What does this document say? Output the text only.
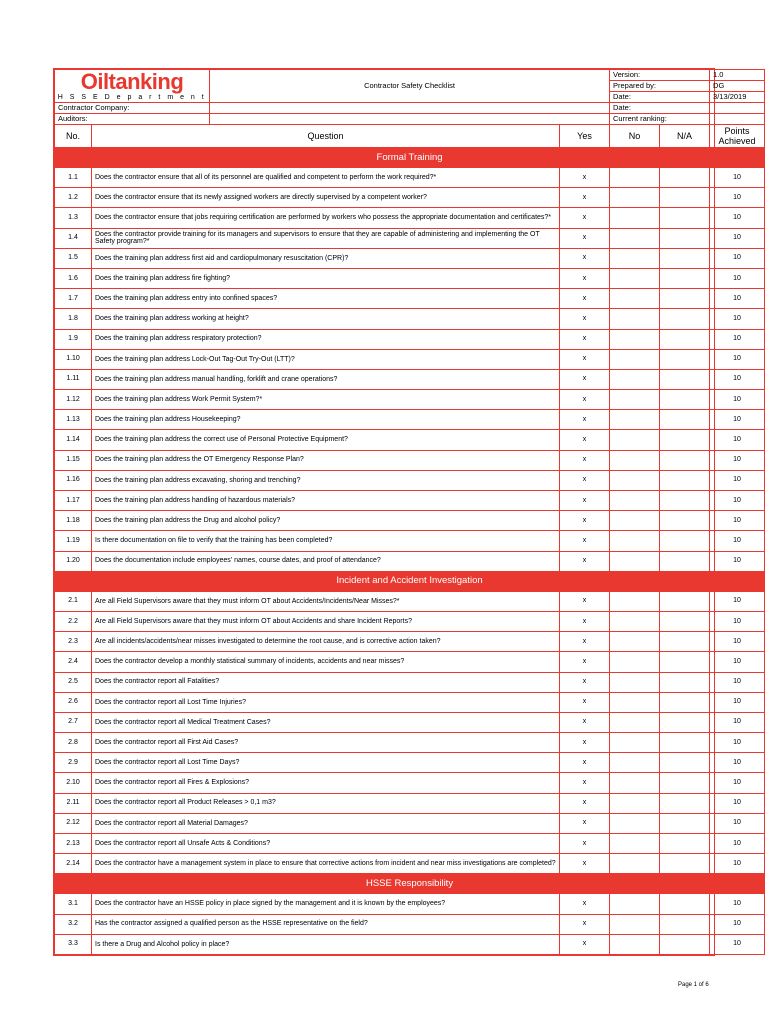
Oiltanking
H S S E D e p a r t m e n t		Contractor Safety Checklist		Version:		1.0
				Prepared by:		DG
				Date:		3/13/2019
Contractor Company:				Date:		
Auditors:				Current ranking:		
No.	Question		Yes	No	N/A	Points Achieved
Formal Training						
1.1	Does the contractor ensure that all of its personnel are qualified and competent to perform the work required?*		x			10
1.2	Does the contractor ensure that its newly assigned workers are directly supervised by a competent worker?		x			10
1.3	Does the contractor ensure that jobs requiring certification are performed by workers who possess the appropriate documentation and certificates?*		x			10
1.4	Does the contractor provide training for its managers and supervisors to ensure that they are capable of administering and implementing the OT Safety program?*		x			10
1.5	Does the training plan address first aid and cardiopulmonary resuscitation (CPR)?		x			10
1.6	Does the training plan address fire fighting?		x			10
1.7	Does the training plan address entry into confined spaces?		x			10
1.8	Does the training plan address working at height?		x			10
1.9	Does the training plan address respiratory protection?		x			10
1.10	Does the training plan address Lock-Out Tag-Out Try-Out (LTT)?		x			10
1.11	Does the training plan address manual handling, forklift and crane operations?		x			10
1.12	Does the training plan address Work Permit System?*		x			10
1.13	Does the training plan address Housekeeping?		x			10
1.14	Does the training plan address the correct use of Personal Protective Equipment?		x			10
1.15	Does the training plan address the OT Emergency Response Plan?		x			10
1.16	Does the training plan address excavating, shoring and trenching?		x			10
1.17	Does the training plan address handling of hazardous materials?		x			10
1.18	Does the training plan address the Drug and alcohol policy?		x			10
1.19	Is there documentation on file to verify that the training has been completed?		x			10
1.20	Does the documentation include employees' names, course dates, and proof of attendance?		x			10
Incident and Accident Investigation						
2.1	Are all Field Supervisors aware that they must inform OT about Accidents/Incidents/Near Misses?*		x			10
2.2	Are all Field Supervisors aware that they must inform OT about Accidents and share Incident Reports?		x			10
2.3	Are all incidents/accidents/near misses investigated to determine the root cause, and is corrective action taken?		x			10
2.4	Does the contractor develop a monthly statistical summary of incidents, accidents and near misses?		x			10
2.5	Does the contractor report all Fatalities?		x			10
2.6	Does the contractor report all Lost Time Injuries?		x			10
2.7	Does the contractor report all Medical Treatment Cases?		x			10
2.8	Does the contractor report all First Aid Cases?		x			10
2.9	Does the contractor report all Lost Time Days?		x			10
2.10	Does the contractor report all Fires & Explosions?		x			10
2.11	Does the contractor report all Product Releases > 0,1 m3?		x			10
2.12	Does the contractor report all Material Damages?		x			10
2.13	Does the contractor report all Unsafe Acts & Conditions?		x			10
2.14	Does the contractor have a management system in place to ensure that corrective actions from incident and near miss investigations are completed?		x			10
HSSE Responsibility						
3.1	Does the contractor have an HSSE policy in place signed by the management and it is known by the employees?		x			10
3.2	Has the contractor assigned a qualified person as the HSSE representative on the field?		x			10
3.3	Is there a Drug and Alcohol policy in place?		x			10
Page 1 of 6
